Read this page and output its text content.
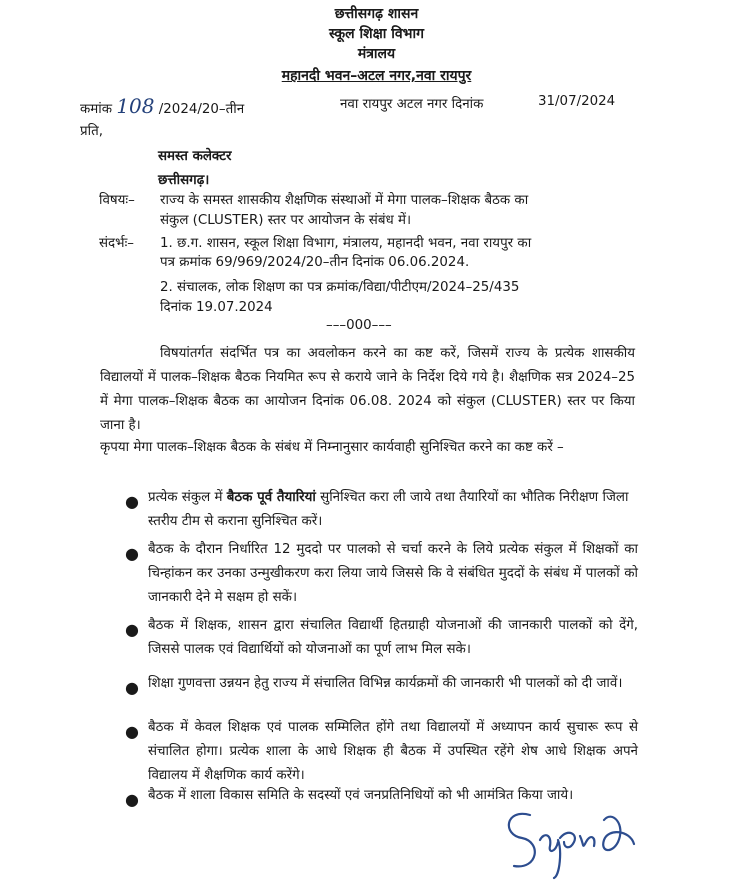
छत्तीसगढ़ शासन
स्कूल शिक्षा विभाग
मंत्रालय
महानदी भवन–अटल नगर,नवा रायपुर
कमांक 108 /2024/20–तीन	नवा रायपुर अटल नगर दिनांक	31/07/2024
प्रति,
समस्त कलेक्टर
छत्तीसगढ़।
विषयः– राज्य के समस्त शासकीय शैक्षणिक संस्थाओं में मेगा पालक–शिक्षक बैठक का
संकुल (CLUSTER) स्तर पर आयोजन के संबंध में।
संदर्भः– 1. छ.ग. शासन, स्कूल शिक्षा विभाग, मंत्रालय, महानदी भवन, नवा रायपुर का
पत्र क्रमांक 69/969/2024/20–तीन दिनांक 06.06.2024.
2. संचालक, लोक शिक्षण का पत्र क्रमांक/विद्या/पीटीएम/2024–25/435
दिनांक 19.07.2024
–––000–––
विषयांतर्गत संदर्भित पत्र का अवलोकन करने का कष्ट करें, जिसमें राज्य के प्रत्येक शासकीय विद्यालयों में पालक–शिक्षक बैठक नियमित रूप से कराये जाने के निर्देश दिये गये है। शैक्षणिक सत्र 2024–25 में मेगा पालक–शिक्षक बैठक का आयोजन दिनांक 06.08. 2024 को संकुल (CLUSTER) स्तर पर किया जाना है।
कृपया मेगा पालक–शिक्षक बैठक के संबंध में निम्नानुसार कार्यवाही सुनिश्चित करने का कष्ट करें –
● प्रत्येक संकुल में बैठक पूर्व तैयारियां सुनिश्चित करा ली जाये तथा तैयारियों का भौतिक निरीक्षण जिला स्तरीय टीम से कराना सुनिश्चित करें।
● बैठक के दौरान निर्धारित 12 मुददो पर पालको से चर्चा करने के लिये प्रत्येक संकुल में शिक्षकों का चिन्हांकन कर उनका उन्मुखीकरण करा लिया जाये जिससे कि वे संबंधित मुददों के संबंध में पालकों को जानकारी देने मे सक्षम हो सकें।
● बैठक में शिक्षक, शासन द्वारा संचालित विद्यार्थी हितग्राही योजनाओं की जानकारी पालकों को देंगे, जिससे पालक एवं विद्यार्थियों को योजनाओं का पूर्ण लाभ मिल सके।
● शिक्षा गुणवत्ता उन्नयन हेतु राज्य में संचालित विभिन्न कार्यक्रमों की जानकारी भी पालकों को दी जावें।
● बैठक में केवल शिक्षक एवं पालक सम्मिलित होंगे तथा विद्यालयों में अध्यापन कार्य सुचारू रूप से संचालित होगा। प्रत्येक शाला के आधे शिक्षक ही बैठक में उपस्थित रहेंगे शेष आधे शिक्षक अपने विद्यालय में शैक्षणिक कार्य करेंगे।
● बैठक में शाला विकास समिति के सदस्यों एवं जनप्रतिनिधियों को भी आमंत्रित किया जाये।
